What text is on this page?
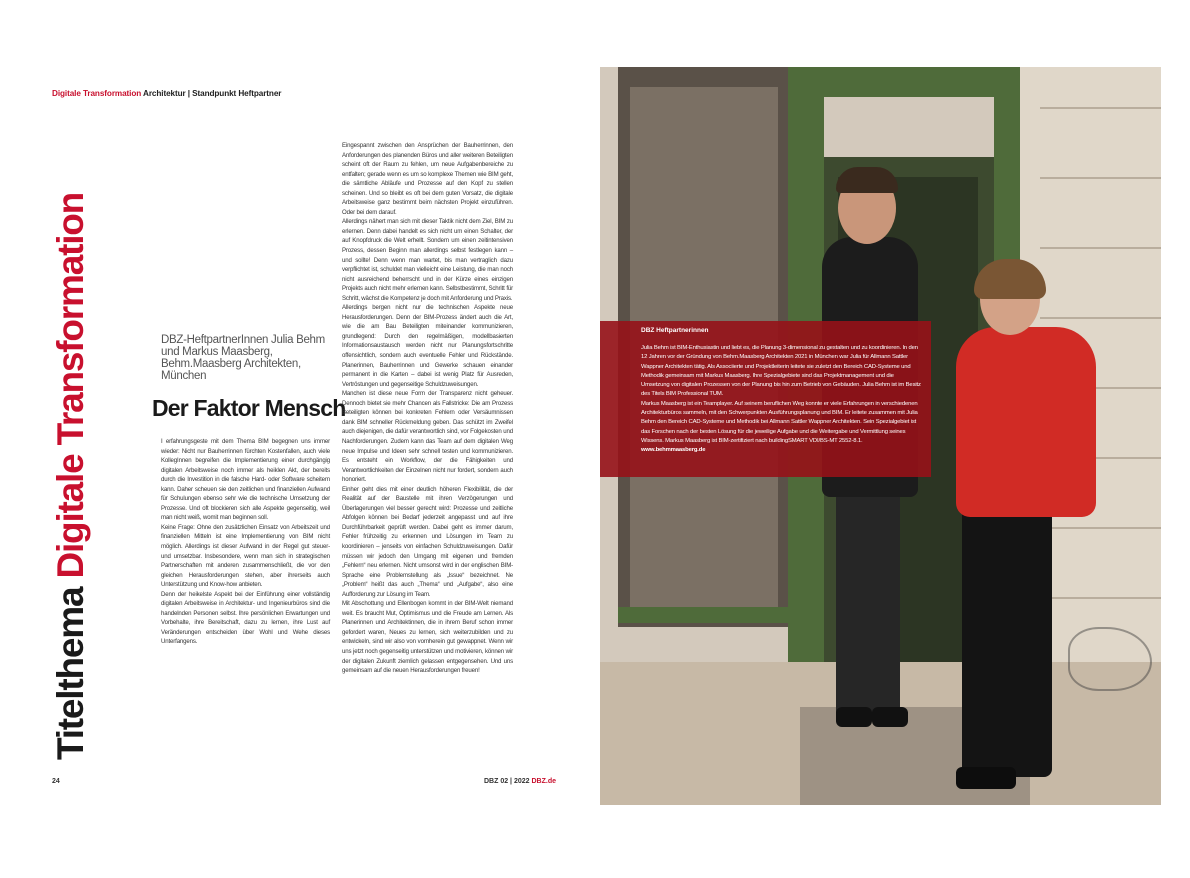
Digitale Transformation Architektur | Standpunkt Heftpartner
Titelthema Digitale Transformation	DBZ-HeftpartnerInnen Julia Behm
und Markus Maasberg,
Behm.Maasberg Architekten,
München
Der Faktor Mensch

I erfahrungsgeste mit dem Thema BIM begegnen uns immer wieder: Nicht nur Bauherrinnen fürchten Kostenfallen, auch viele KollegInnen begreifen die Implementierung einer durchgängig digitalen Arbeitsweise noch immer als heiklen Akt, der bereits durch die Investition in die falsche Hard- oder Software scheitern kann. Daher scheuen sie den zeitlichen und finanziellen Aufwand für Schulungen ebenso sehr wie die technische Umsetzung der Prozesse. Und oft blockieren sich alle Aspekte gegenseitig, weil man nicht weiß, womit man beginnen soll.

Keine Frage: Ohne den zusätzlichen Einsatz von Arbeitszeit und finanziellen Mitteln ist eine Implementierung von BIM nicht möglich. Allerdings ist dieser Aufwand in der Regel gut steuer- und umsetzbar. Insbesondere, wenn man sich in strategischen Partnerschaften mit anderen zusammenschließt, die vor den gleichen Herausforderungen stehen, aber ihrerseits auch Unterstützung und Know-how anbieten.

Denn der heikelste Aspekt bei der Einführung einer vollständig digitalen Arbeitsweise in Architektur- und Ingenieurbüros sind die handelnden Personen selbst. Ihre persönlichen Erwartungen und Vorbehalte, ihre Bereitschaft, dazu zu lernen, ihre Lust auf Veränderungen entscheiden über Wohl und Wehe dieses Unterfangens.

Eingespannt zwischen den Ansprüchen der Bauherrinnen, den Anforderungen des planenden Büros und aller weiteren Beteiligten scheint oft der Raum zu fehlen, um neue Aufgabenbereiche zu entfalten; gerade wenn es um so komplexe Themen wie BIM geht, die sämtliche Abläufe und Prozesse auf den Kopf zu stellen scheinen. Und so bleibt es oft bei dem guten Vorsatz, die digitale Arbeitsweise ganz bestimmt beim nächsten Projekt einzuführen. Oder bei dem darauf.

Allerdings nähert man sich mit dieser Taktik nicht dem Ziel, BIM zu erlernen. Denn dabei handelt es sich nicht um einen Schalter, der auf Knopfdruck die Welt erhellt. Sondern um einen zeitintensiven Prozess, dessen Beginn man allerdings selbst festlegen kann – und sollte! Denn wenn man wartet, bis man vertraglich dazu verpflichtet ist, schuldet man vielleicht eine Leistung, die man noch nicht ausreichend beherrscht und in der Kürze eines einzigen Projekts auch nicht mehr erlernen kann. Selbstbestimmt, Schritt für Schritt, wächst die Kompetenz je doch mit Anforderung und Praxis.

Allerdings bergen nicht nur die technischen Aspekte neue Herausforderungen. Denn der BIM-Prozess ändert auch die Art, wie die am Bau Beteiligten miteinander kommunizieren, grundlegend: Durch den regelmäßigen, modellbasierten Informationsaustausch werden nicht nur Planungsfortschritte offensichtlich, sondern auch eventuelle Fehler und Rückstände. Planerinnen, Bauherrinnen und Gewerke schauen einander permanent in die Karten – dabei ist wenig Platz für Ausreden, Vertröstungen und gegenseitige Schuldzuweisungen.

Manchen ist diese neue Form der Transparenz nicht geheuer. Dennoch bietet sie mehr Chancen als Fallstricke: Die am Prozess Beteiligten können bei konkreten Fehlern oder Versäumnissen dank BIM schneller Rückmeldung geben. Das schützt im Zweifel auch diejenigen, die dafür verantwortlich sind, vor Folgekosten und Nachforderungen. Zudem kann das Team auf dem digitalen Weg neue Impulse und Ideen sehr schnell testen und kommunizieren. Es entsteht ein Workflow, der die Fähigkeiten und Verantwortlichkeiten der Einzelnen nicht nur fordert, sondern auch honoriert.

Einher geht dies mit einer deutlich höheren Flexibilität, die der Realität auf der Baustelle mit ihren Verzögerungen und Überlagerungen viel besser gerecht wird: Prozesse und zeitliche Abfolgen können bei Bedarf jederzeit angepasst und auf ihre Durchführbarkeit geprüft werden. Dabei geht es immer darum, Fehler frühzeitig zu erkennen und Lösungen im Team zu koordinieren – jenseits von einfachen Schuldzuweisungen. Dafür müssen wir jedoch den Umgang mit eigenen und fremden „Fehlern“ neu erlernen. Nicht umsonst wird in der englischen BIM-Sprache eine Problemstellung als „Issue“ bezeichnet. Ne „Problem“ heißt das auch „Thema“ und „Aufgabe“, also eine Aufforderung zur Lösung im Team.

Mit Abschottung und Ellenbogen kommt in der BIM-Welt niemand weit. Es braucht Mut, Optimismus und die Freude am Lernen. Als Planerinnen und Architektinnen, die in ihrem Beruf schon immer gefordert waren, Neues zu lernen, sich weiterzubilden und zu entwickeln, sind wir also von vornherein gut gewappnet. Wenn wir uns jetzt noch gegenseitig unterstützen und motivieren, können wir der digitalen Zukunft ziemlich gelassen entgegensehen. Und uns gemeinsam auf die neuen Herausforderungen freuen!

24	DBZ 02 | 2022 DBZ.de
DBZ Heftpartnerinnen

Julia Behm ist BIM-Enthusiastin und liebt es, die Planung 3-dimensional zu gestalten und zu koordinieren. In den 12 Jahren vor der Gründung von Behm.Maasberg Architekten 2021 in München war Julia für Allmann Sattler Wappner Architekten tätig. Als Associierte und Projektleiterin leitete sie zuletzt den Bereich CAD-Systeme und Methodik gemeinsam mit Markus Maasberg. Ihre Spezialgebiete sind das Projektmanagement und die Umsetzung von digitalen Prozessen von der Planung bis hin zum Betrieb von Gebäuden. Julia Behm ist im Besitz des Titels BIM Professional TUM.

Markus Maasberg ist ein Teamplayer. Auf seinem beruflichen Weg konnte er viele Erfahrungen in verschiedenen Architekturbüros sammeln, mit den Schwerpunkten Ausführungsplanung und BIM. Er leitete zusammen mit Julia Behm den Bereich CAD-Systeme und Methodik bei Allmann Sattler Wappner Architekten. Sein Spezialgebiet ist das Forschen nach der besten Lösung für die jeweilige Aufgabe und die Weitergabe und Vermittlung seines Wissens. Markus Maasberg ist BIM-zertifiziert nach buildingSMART VDI/BS-MT 2552-8.1.

www.behmmaasberg.de
